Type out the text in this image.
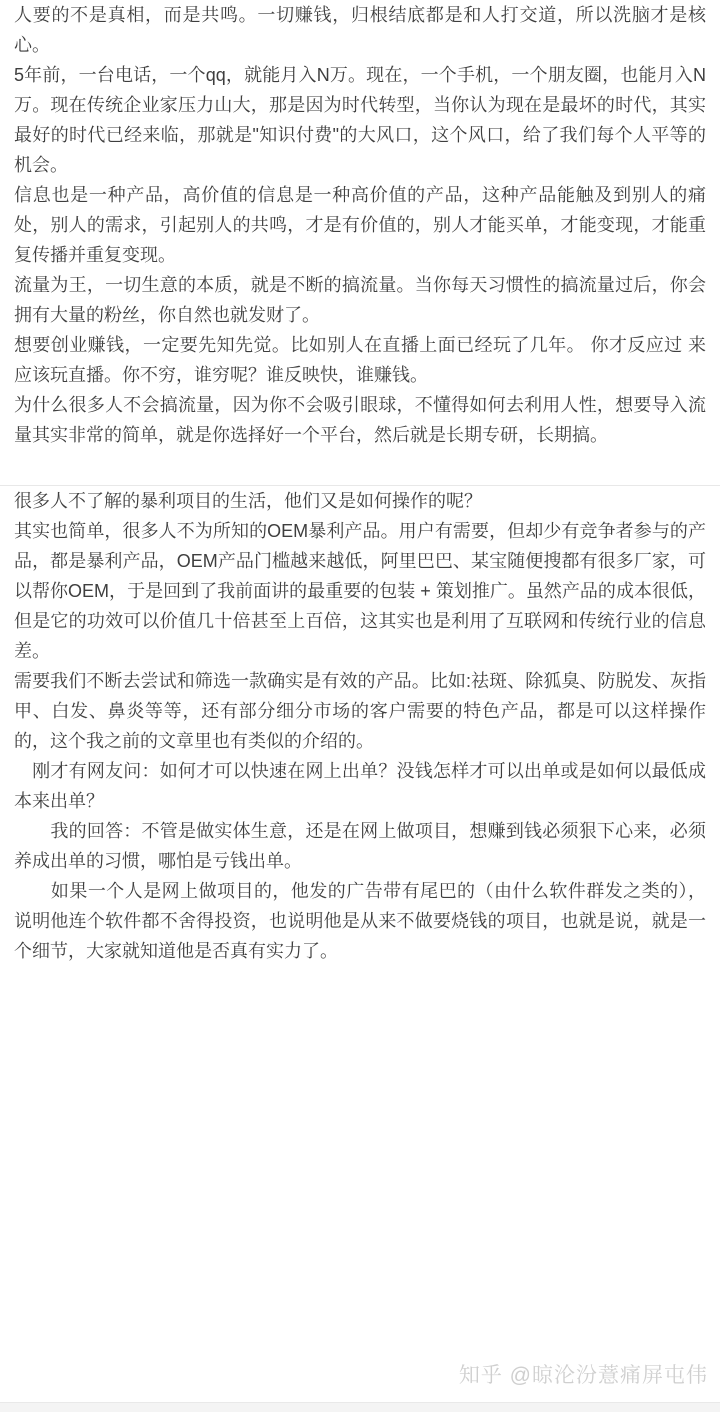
人要的不是真相，而是共鸣。一切赚钱，归根结底都是和人打交道，所以洗脑才是核心。

5年前，一台电话，一个qq，就能月入N万。现在，一个手机，一个朋友圈，也能月入N万。现在传统企业家压力山大，那是因为时代转型，当你认为现在是最坏的时代，其实最好的时代已经来临，那就是"知识付费"的大风口，这个风口，给了我们每个人平等的机会。

信息也是一种产品，高价值的信息是一种高价值的产品，这种产品能触及到别人的痛处，别人的需求，引起别人的共鸣，才是有价值的，别人才能买单，才能变现，才能重复传播并重复变现。

流量为王，一切生意的本质，就是不断的搞流量。当你每天习惯性的搞流量过后，你会拥有大量的粉丝，你自然也就发财了。

想要创业赚钱，一定要先知先觉。比如别人在直播上面已经玩了几年。 你才反应过 来应该玩直播。你不穷，谁穷呢？谁反映快，谁赚钱。

为什么很多人不会搞流量，因为你不会吸引眼球，不懂得如何去利用人性，想要导入流量其实非常的简单，就是你选择好一个平台，然后就是长期专研，长期搞。

很多人不了解的暴利项目的生活，他们又是如何操作的呢？

其实也简单，很多人不为所知的OEM暴利产品。用户有需要，但却少有竞争者参与的产品，都是暴利产品，OEM产品门槛越来越低，阿里巴巴、某宝随便搜都有很多厂家，可以帮你OEM，于是回到了我前面讲的最重要的包装 + 策划推广。虽然产品的成本很低，但是它的功效可以价值几十倍甚至上百倍，这其实也是利用了互联网和传统行业的信息差。

需要我们不断去尝试和筛选一款确实是有效的产品。比如:祛斑、除狐臭、防脱发、灰指甲、白发、鼻炎等等，还有部分细分市场的客户需要的特色产品，都是可以这样操作的，这个我之前的文章里也有类似的介绍的。

　刚才有网友问：如何才可以快速在网上出单？没钱怎样才可以出单或是如何以最低成本来出单？

　　我的回答：不管是做实体生意，还是在网上做项目，想赚到钱必须狠下心来，必须养成出单的习惯，哪怕是亏钱出单。

　　如果一个人是网上做项目的，他发的广告带有尾巴的（由什么软件群发之类的），说明他连个软件都不舍得投资，也说明他是从来不做要烧钱的项目，也就是说，就是一个细节，大家就知道他是否真有实力了。

知乎 @晾沦汾薏痛屏屯伟
